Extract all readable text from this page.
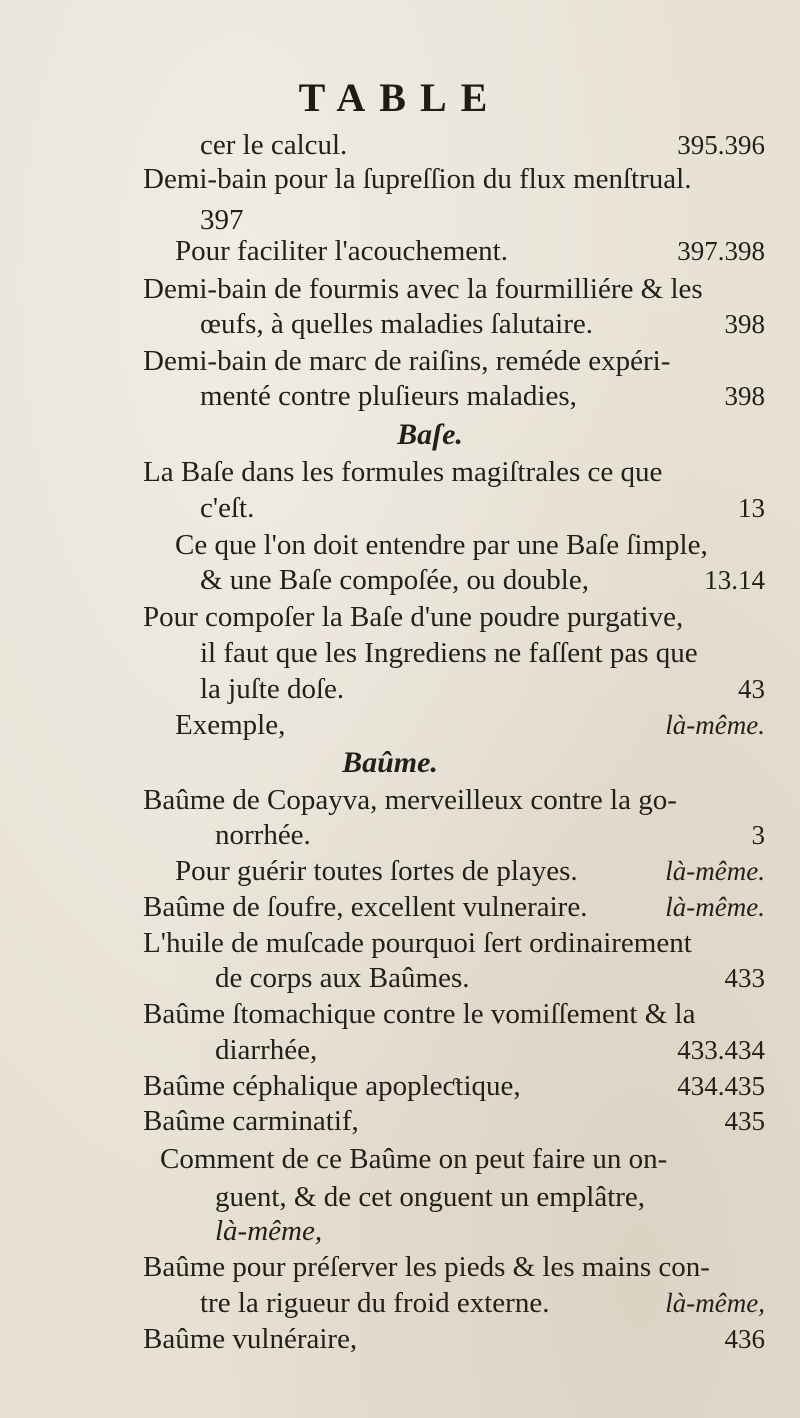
TABLE
cer le calcul.	395.396
Demi-bain pour la ſupreſſion du flux menſtrual.
397
Pour faciliter l'acouchement.	397.398
Demi-bain de fourmis avec la fourmilliére & les
œufs, à quelles maladies ſalutaire.	398
Demi-bain de marc de raiſins, reméde expéri-
menté contre pluſieurs maladies,	398
Baſe.
La Baſe dans les formules magiſtrales ce que
c'eſt.	13
Ce que l'on doit entendre par une Baſe ſimple,
& une Baſe compoſée, ou double,	13.14
Pour compoſer la Baſe d'une poudre purgative,
il faut que les Ingrediens ne faſſent pas que
la juſte doſe.	43
Exemple,	là-même.
Baûme.
Baûme de Copayva, merveilleux contre la go-
norrhée.	3
Pour guérir toutes ſortes de playes.	là-même.
Baûme de ſoufre, excellent vulneraire.	là-même.
L'huile de muſcade pourquoi ſert ordinairement
de corps aux Baûmes.	433
Baûme ſtomachique contre le vomiſſement & la
diarrhée,	433.434
Baûme céphalique apopleƈtique,	434.435
Baûme carminatif,	435
Comment de ce Baûme on peut faire un on-
guent, & de cet onguent un emplâtre,
là-même,
Baûme pour préſerver les pieds & les mains con-
tre la rigueur du froid externe.	là-même,
Baûme vulnéraire,	436
